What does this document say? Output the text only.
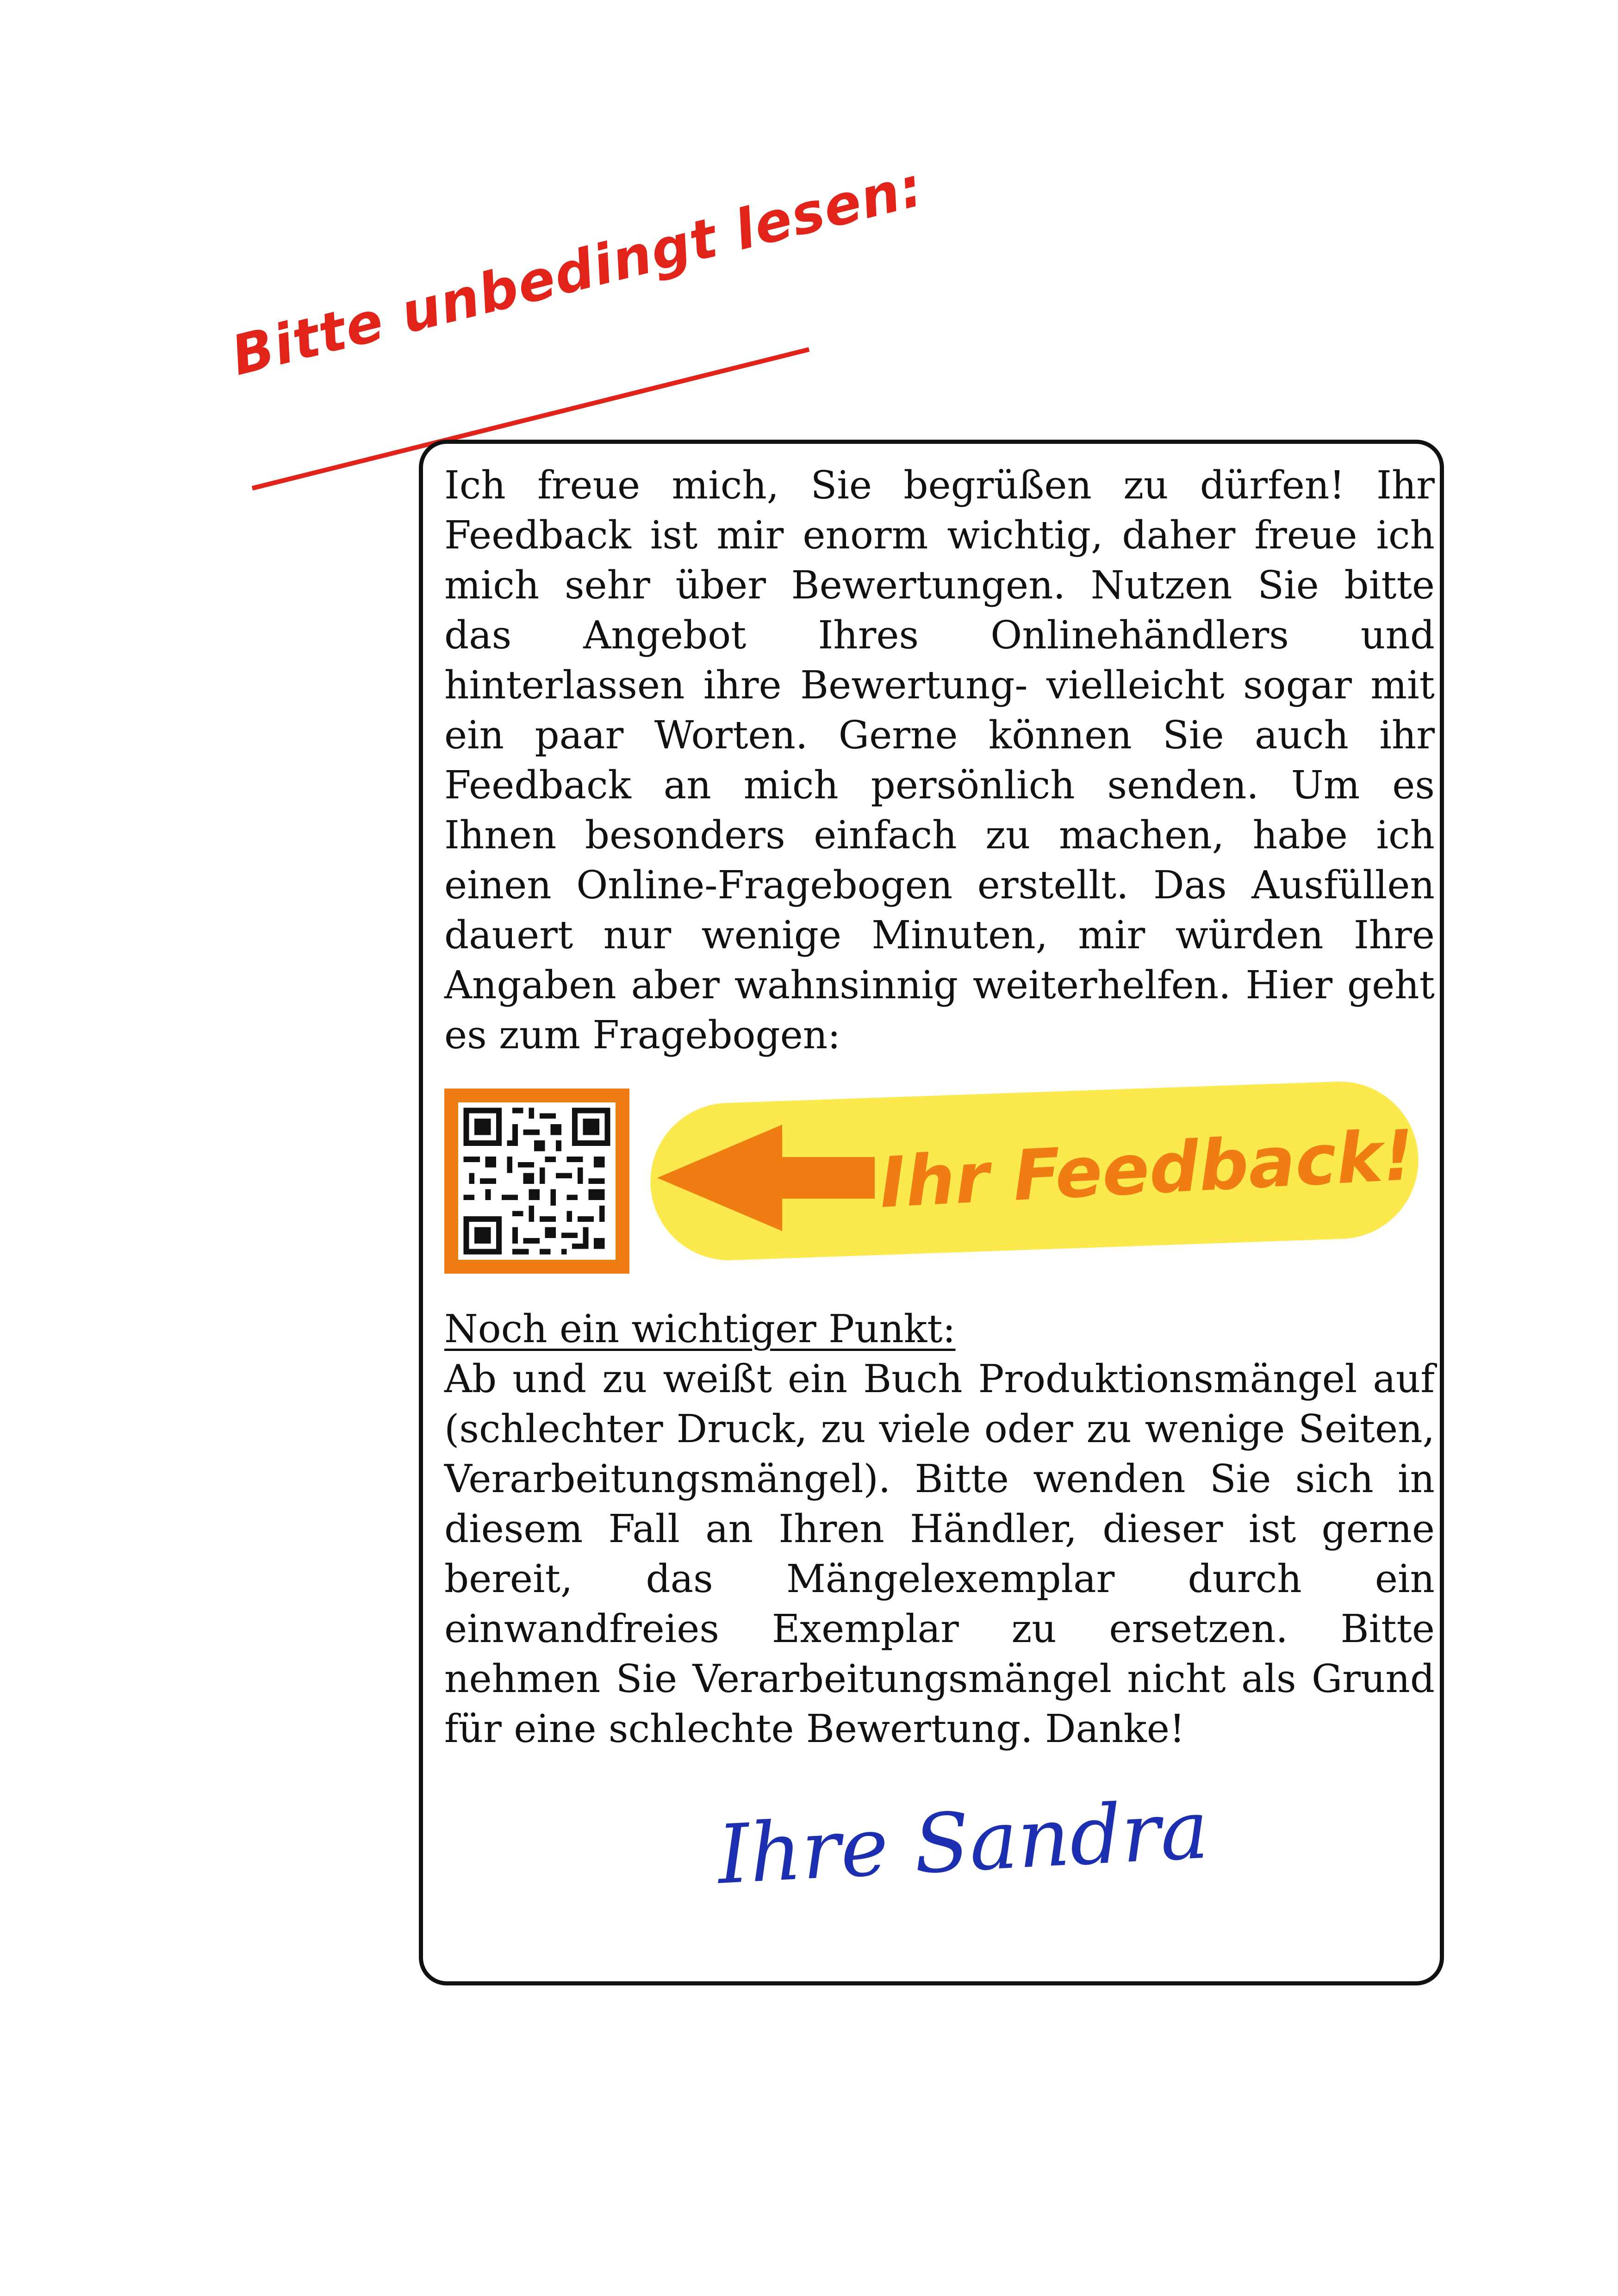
Bitte unbedingt lesen:

Ich freue mich, Sie begrüßen zu dürfen! Ihr Feedback ist mir enorm wichtig, daher freue ich mich sehr über Bewertungen. Nutzen Sie bitte das Angebot Ihres Onlinehändlers und hinterlassen ihre Bewertung- vielleicht sogar mit ein paar Worten. Gerne können Sie auch ihr Feedback an mich persönlich senden. Um es Ihnen besonders einfach zu machen, habe ich einen Online-Fragebogen erstellt. Das Ausfüllen dauert nur wenige Minuten, mir würden Ihre Angaben aber wahnsinnig weiterhelfen. Hier geht es zum Fragebogen:

Ihr Feedback!
Noch ein wichtiger Punkt:

Ab und zu weißt ein Buch Produktionsmängel auf (schlechter Druck, zu viele oder zu wenige Seiten, Verarbeitungsmängel). Bitte wenden Sie sich in diesem Fall an Ihren Händler, dieser ist gerne bereit, das Mängelexemplar durch ein einwandfreies Exemplar zu ersetzen. Bitte nehmen Sie Verarbeitungsmängel nicht als Grund für eine schlechte Bewertung. Danke!

Ihre Sandra
